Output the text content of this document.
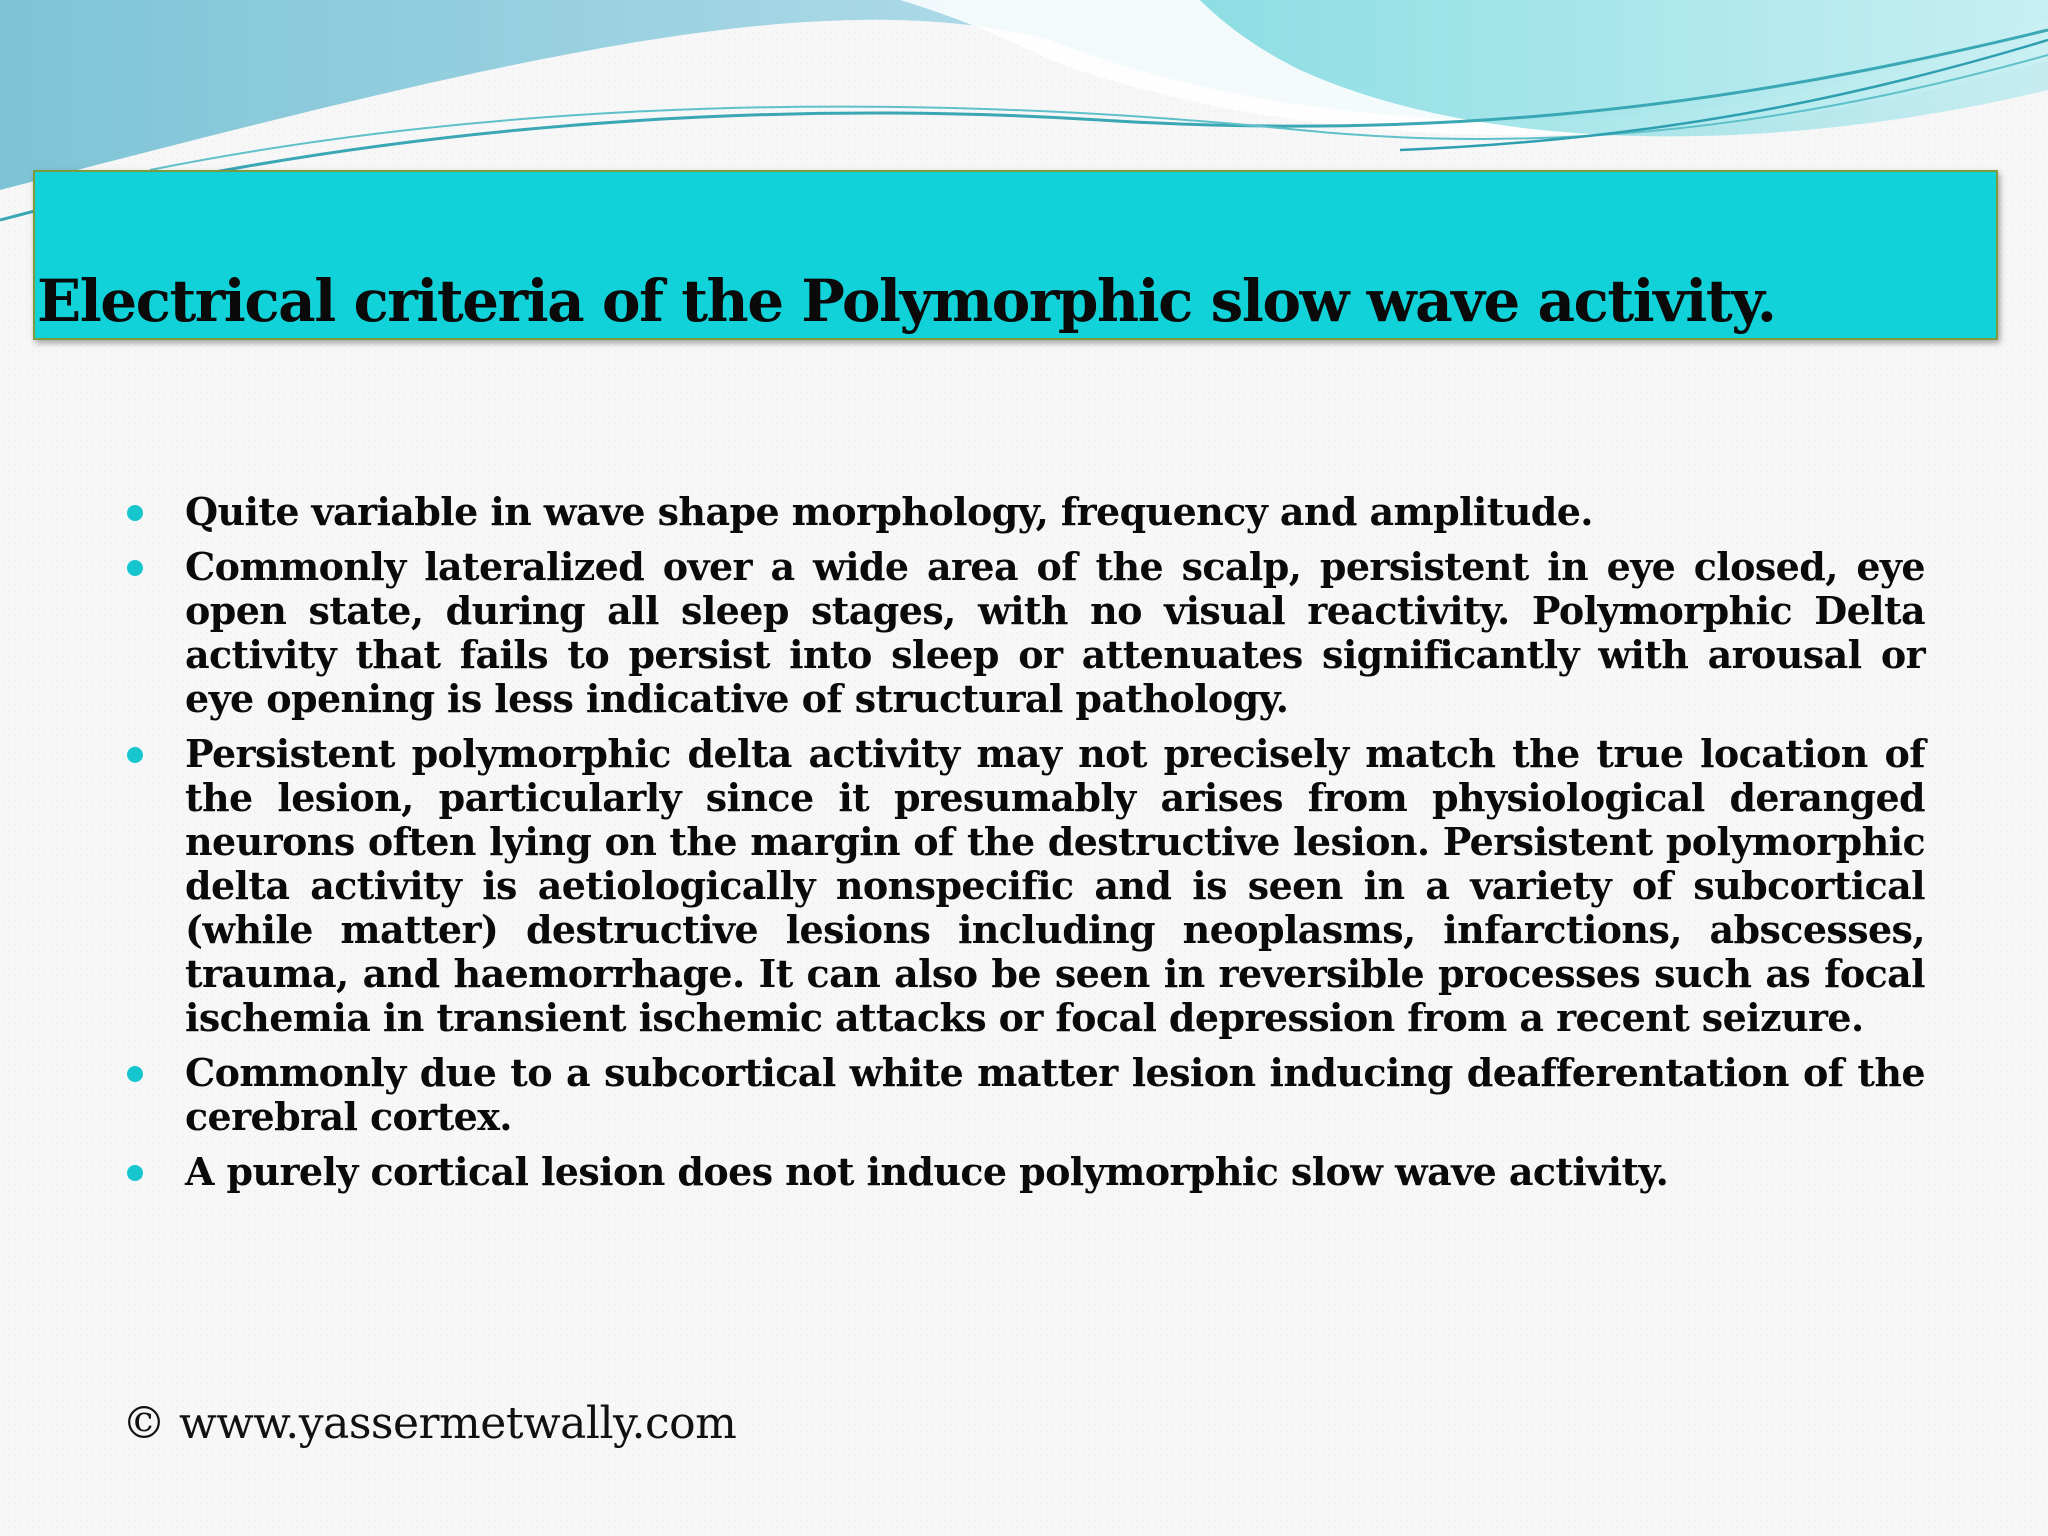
Electrical criteria of the Polymorphic slow wave activity.
Quite variable in wave shape morphology, frequency and amplitude.
Commonly lateralized over a wide area of the scalp, persistent in eye closed, eye open state, during all sleep stages, with no visual reactivity. Polymorphic Delta activity that fails to persist into sleep or attenuates significantly with arousal or eye opening is less indicative of structural pathology.
Persistent polymorphic delta activity may not precisely match the true location of the lesion, particularly since it presumably arises from physiological deranged neurons often lying on the margin of the destructive lesion. Persistent polymorphic delta activity is aetiologically nonspecific and is seen in a variety of subcortical (while matter) destructive lesions including neoplasms, infarctions, abscesses, trauma, and haemorrhage. It can also be seen in reversible processes such as focal ischemia in transient ischemic attacks or focal depression from a recent seizure.
Commonly due to a subcortical white matter lesion inducing deafferentation of the cerebral cortex.
A purely cortical lesion does not induce polymorphic slow wave activity.
© www.yassermetwally.com
